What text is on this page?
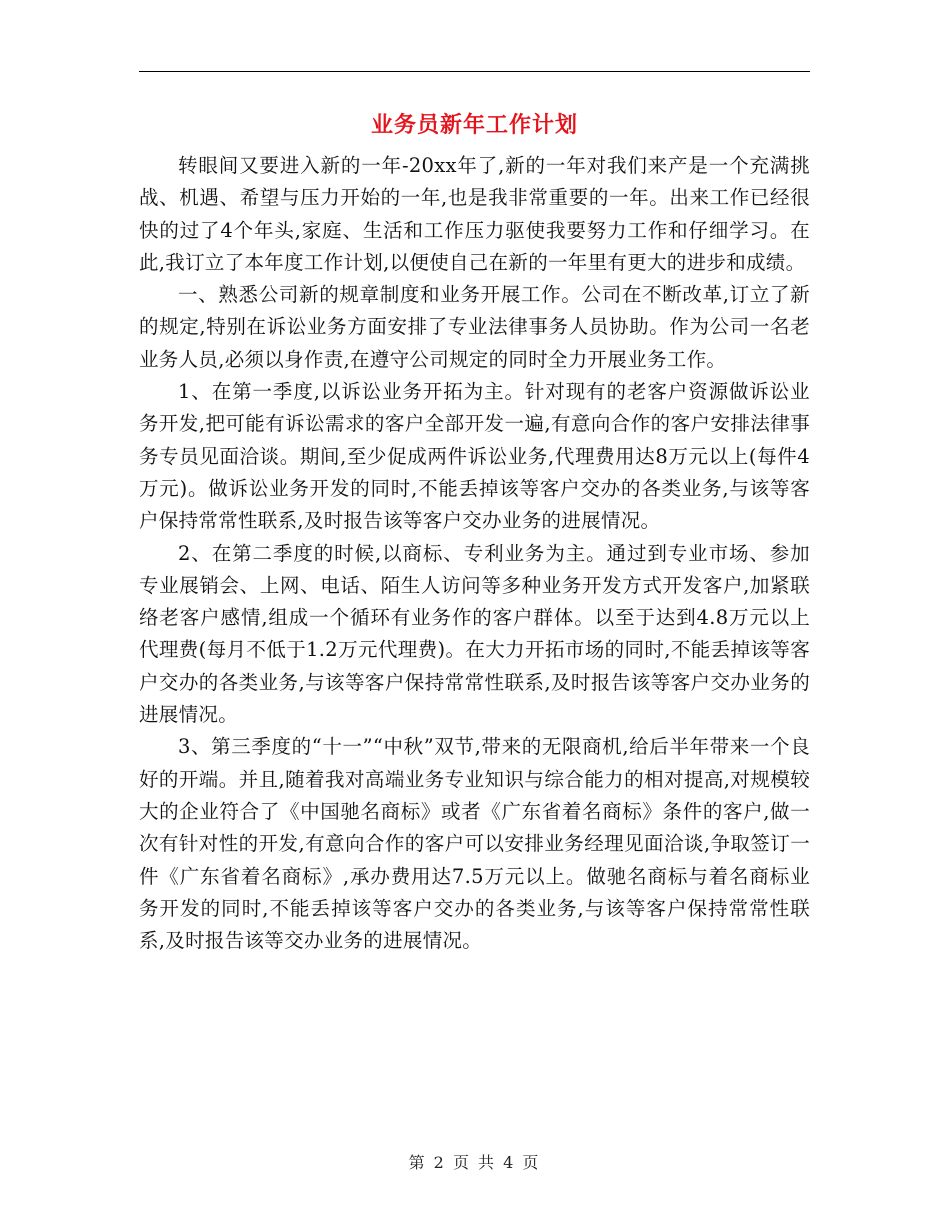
业务员新年工作计划

转眼间又要进入新的一年-20xx年了,新的一年对我们来产是一个充满挑战、机遇、希望与压力开始的一年,也是我非常重要的一年。出来工作已经很快的过了4个年头,家庭、生活和工作压力驱使我要努力工作和仔细学习。在此,我订立了本年度工作计划,以便使自己在新的一年里有更大的进步和成绩。

一、熟悉公司新的规章制度和业务开展工作。公司在不断改革,订立了新的规定,特别在诉讼业务方面安排了专业法律事务人员协助。作为公司一名老业务人员,必须以身作责,在遵守公司规定的同时全力开展业务工作。

1、在第一季度,以诉讼业务开拓为主。针对现有的老客户资源做诉讼业务开发,把可能有诉讼需求的客户全部开发一遍,有意向合作的客户安排法律事务专员见面洽谈。期间,至少促成两件诉讼业务,代理费用达8万元以上(每件4万元)。做诉讼业务开发的同时,不能丢掉该等客户交办的各类业务,与该等客户保持常常性联系,及时报告该等客户交办业务的进展情况。

2、在第二季度的时候,以商标、专利业务为主。通过到专业市场、参加专业展销会、上网、电话、陌生人访问等多种业务开发方式开发客户,加紧联络老客户感情,组成一个循环有业务作的客户群体。以至于达到4.8万元以上代理费(每月不低于1.2万元代理费)。在大力开拓市场的同时,不能丢掉该等客户交办的各类业务,与该等客户保持常常性联系,及时报告该等客户交办业务的进展情况。

3、第三季度的“十一”“中秋”双节,带来的无限商机,给后半年带来一个良好的开端。并且,随着我对高端业务专业知识与综合能力的相对提高,对规模较大的企业符合了《中国驰名商标》或者《广东省着名商标》条件的客户,做一次有针对性的开发,有意向合作的客户可以安排业务经理见面洽谈,争取签订一件《广东省着名商标》,承办费用达7.5万元以上。做驰名商标与着名商标业务开发的同时,不能丢掉该等客户交办的各类业务,与该等客户保持常常性联系,及时报告该等交办业务的进展情况。

第 2 页 共 4 页
